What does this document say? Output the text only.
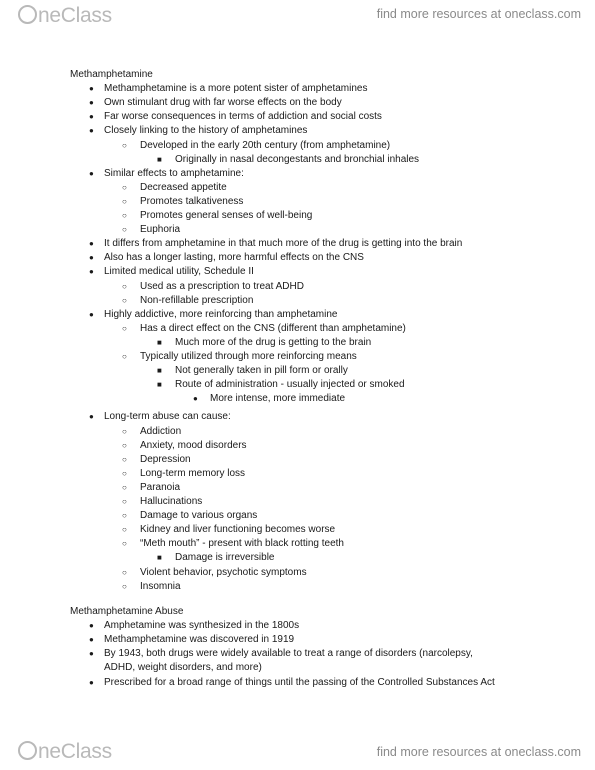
neClass	find more resources at oneclass.com
Methamphetamine
● Methamphetamine is a more potent sister of amphetamines
● Own stimulant drug with far worse effects on the body
● Far worse consequences in terms of addiction and social costs
● Closely linking to the history of amphetamines
○ Developed in the early 20th century (from amphetamine)
■ Originally in nasal decongestants and bronchial inhales
● Similar effects to amphetamine:
○ Decreased appetite
○ Promotes talkativeness
○ Promotes general senses of well-being
○ Euphoria
● It differs from amphetamine in that much more of the drug is getting into the brain
● Also has a longer lasting, more harmful effects on the CNS
● Limited medical utility, Schedule II
○ Used as a prescription to treat ADHD
○ Non-refillable prescription
● Highly addictive, more reinforcing than amphetamine
○ Has a direct effect on the CNS (different than amphetamine)
■ Much more of the drug is getting to the brain
○ Typically utilized through more reinforcing means
■ Not generally taken in pill form or orally
■ Route of administration - usually injected or smoked
● More intense, more immediate
● Long-term abuse can cause:
○ Addiction
○ Anxiety, mood disorders
○ Depression
○ Long-term memory loss
○ Paranoia
○ Hallucinations
○ Damage to various organs
○ Kidney and liver functioning becomes worse
○ “Meth mouth” - present with black rotting teeth
■ Damage is irreversible
○ Violent behavior, psychotic symptoms
○ Insomnia
Methamphetamine Abuse
● Amphetamine was synthesized in the 1800s
● Methamphetamine was discovered in 1919
● By 1943, both drugs were widely available to treat a range of disorders (narcolepsy,
ADHD, weight disorders, and more)
● Prescribed for a broad range of things until the passing of the Controlled Substances Act
neClass	find more resources at oneclass.com
